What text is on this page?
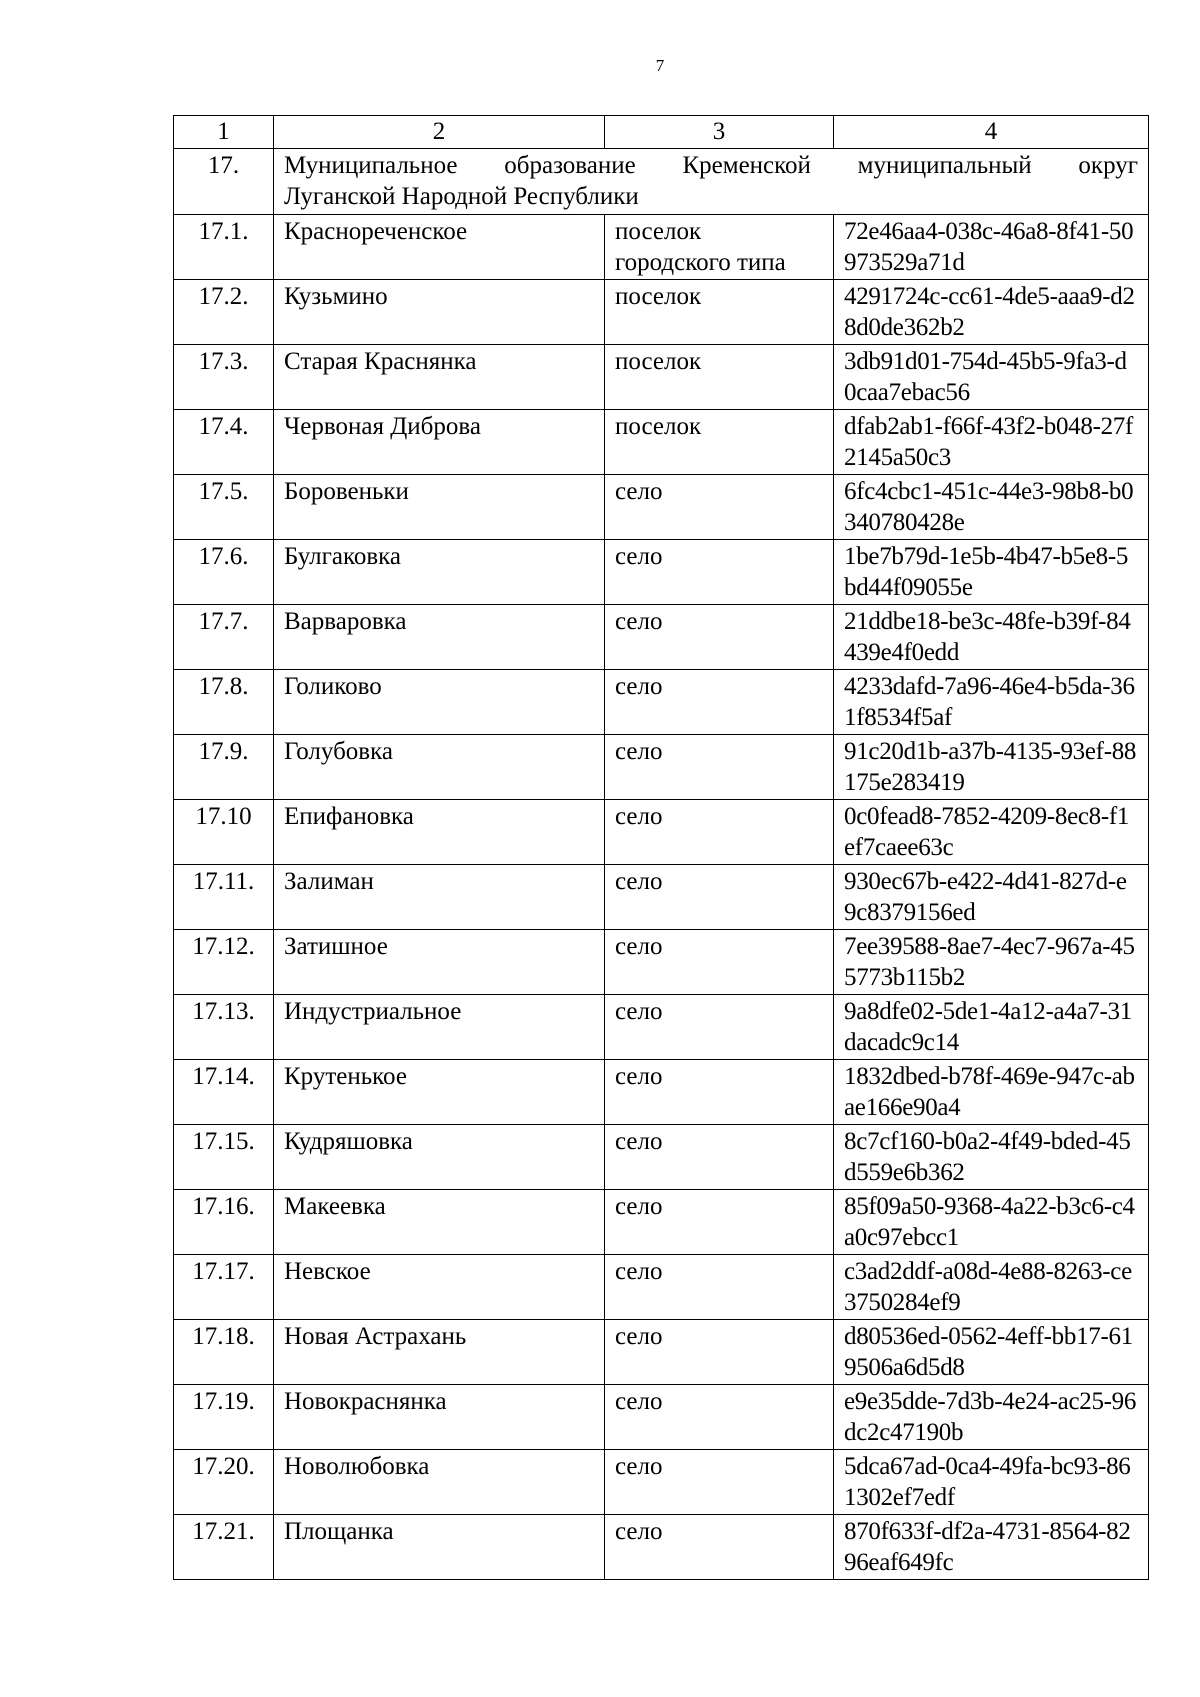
7
1	2	3	4
17.	Муниципальное образование Кременской муниципальный округ
Луганской Народной Республики		
17.1.	Краснореченское	поселок городского типа	72e46aa4-038c-46a8-8f41-50973529a71d
17.2.	Кузьмино	поселок	4291724c-cc61-4de5-aaa9-d28d0de362b2
17.3.	Старая Краснянка	поселок	3db91d01-754d-45b5-9fa3-d0caa7ebac56
17.4.	Червоная Диброва	поселок	dfab2ab1-f66f-43f2-b048-27f2145a50c3
17.5.	Боровеньки	село	6fc4cbc1-451c-44e3-98b8-b0340780428e
17.6.	Булгаковка	село	1be7b79d-1e5b-4b47-b5e8-5bd44f09055e
17.7.	Варваровка	село	21ddbe18-be3c-48fe-b39f-84439e4f0edd
17.8.	Голиково	село	4233dafd-7a96-46e4-b5da-361f8534f5af
17.9.	Голубовка	село	91c20d1b-a37b-4135-93ef-88175e283419
17.10	Епифановка	село	0c0fead8-7852-4209-8ec8-f1ef7caee63c
17.11.	Залиман	село	930ec67b-e422-4d41-827d-e9c8379156ed
17.12.	Затишное	село	7ee39588-8ae7-4ec7-967a-455773b115b2
17.13.	Индустриальное	село	9a8dfe02-5de1-4a12-a4a7-31dacadc9c14
17.14.	Крутенькое	село	1832dbed-b78f-469e-947c-abae166e90a4
17.15.	Кудряшовка	село	8c7cf160-b0a2-4f49-bded-45d559e6b362
17.16.	Макеевка	село	85f09a50-9368-4a22-b3c6-c4a0c97ebcc1
17.17.	Невское	село	c3ad2ddf-a08d-4e88-8263-ce3750284ef9
17.18.	Новая Астрахань	село	d80536ed-0562-4eff-bb17-619506a6d5d8
17.19.	Новокраснянка	село	e9e35dde-7d3b-4e24-ac25-96dc2c47190b
17.20.	Новолюбовка	село	5dca67ad-0ca4-49fa-bc93-861302ef7edf
17.21.	Площанка	село	870f633f-df2a-4731-8564-8296eaf649fc
